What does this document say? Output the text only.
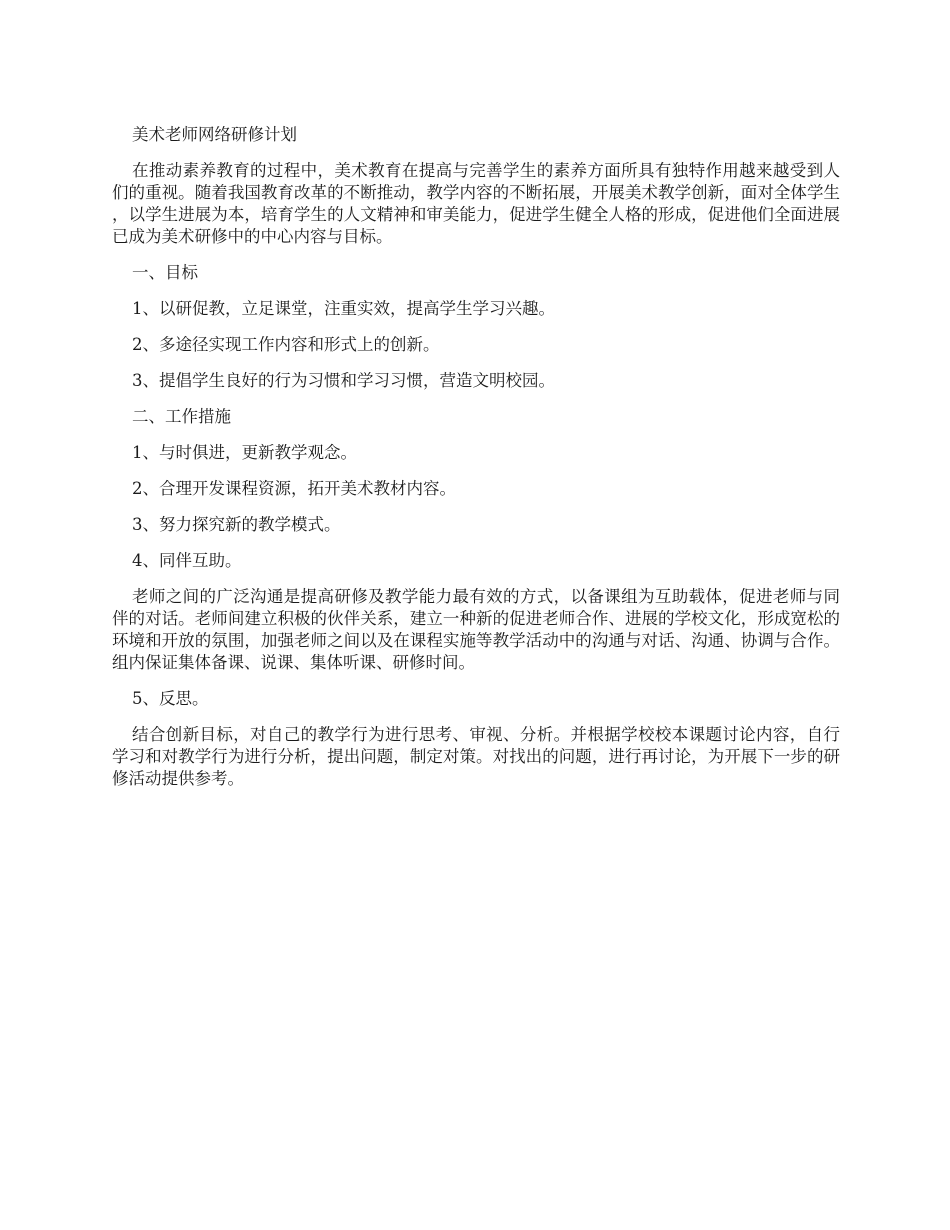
美术老师网络研修计划

在推动素养教育的过程中，美术教育在提高与完善学生的素养方面所具有独特作用越来越受到人们的重视。随着我国教育改革的不断推动，教学内容的不断拓展，开展美术教学创新，面对全体学生，以学生进展为本，培育学生的人文精神和审美能力，促进学生健全人格的形成，促进他们全面进展已成为美术研修中的中心内容与目标。

一、目标

1、以研促教，立足课堂，注重实效，提高学生学习兴趣。

2、多途径实现工作内容和形式上的创新。

3、提倡学生良好的行为习惯和学习习惯，营造文明校园。

二、工作措施

1、与时俱进，更新教学观念。

2、合理开发课程资源，拓开美术教材内容。

3、努力探究新的教学模式。

4、同伴互助。

老师之间的广泛沟通是提高研修及教学能力最有效的方式，以备课组为互助载体，促进老师与同伴的对话。老师间建立积极的伙伴关系，建立一种新的促进老师合作、进展的学校文化，形成宽松的环境和开放的氛围，加强老师之间以及在课程实施等教学活动中的沟通与对话、沟通、协调与合作。组内保证集体备课、说课、集体听课、研修时间。

5、反思。

结合创新目标，对自己的教学行为进行思考、审视、分析。并根据学校校本课题讨论内容，自行学习和对教学行为进行分析，提出问题，制定对策。对找出的问题，进行再讨论，为开展下一步的研修活动提供参考。
